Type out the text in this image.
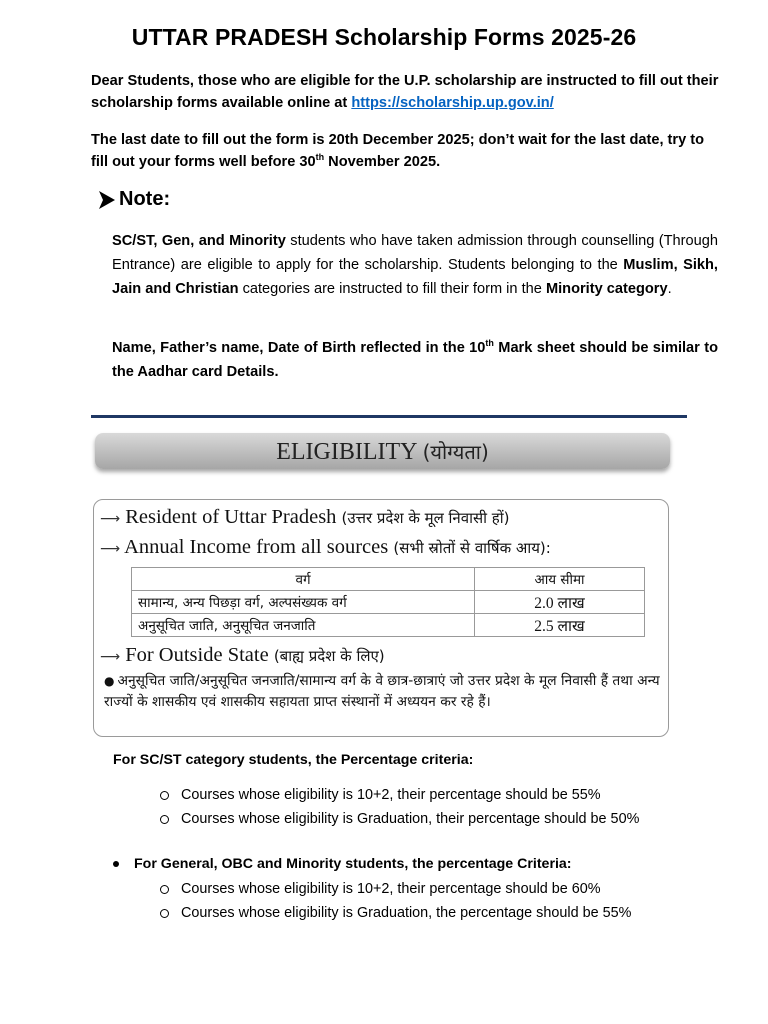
UTTAR PRADESH Scholarship Forms 2025-26
Dear Students, those who are eligible for the U.P. scholarship are instructed to fill out their scholarship forms available online at https://scholarship.up.gov.in/
The last date to fill out the form is 20th December 2025; don’t wait for the last date, try to fill out your forms well before 30th November 2025.
Note:
SC/ST, Gen, and Minority students who have taken admission through counselling (Through Entrance) are eligible to apply for the scholarship. Students belonging to the Muslim, Sikh, Jain and Christian categories are instructed to fill their form in the Minority category.
Name, Father’s name, Date of Birth reflected in the 10th Mark sheet should be similar to the Aadhar card Details.
ELIGIBILITY (योग्यता)
⟶ Resident of Uttar Pradesh (उत्तर प्रदेश के मूल निवासी हों)
⟶ Annual Income from all sources (सभी स्रोतों से वार्षिक आय):
वर्ग	आय सीमा
सामान्य, अन्य पिछड़ा वर्ग, अल्पसंख्यक वर्ग	2.0 लाख
अनुसूचित जाति, अनुसूचित जनजाति	2.5 लाख
⟶ For Outside State (बाह्य प्रदेश के लिए)
● अनुसूचित जाति/अनुसूचित जनजाति/सामान्य वर्ग के वे छात्र-छात्राएं जो उत्तर प्रदेश के मूल निवासी हैं तथा अन्य राज्यों के शासकीय एवं शासकीय सहायता प्राप्त संस्थानों में अध्ययन कर रहे हैं।
For SC/ST category students, the Percentage criteria:
Courses whose eligibility is 10+2, their percentage should be 55%
Courses whose eligibility is Graduation, their percentage should be 50%
For General, OBC and Minority students, the percentage Criteria:
Courses whose eligibility is 10+2, their percentage should be 60%
Courses whose eligibility is Graduation, the percentage should be 55%
